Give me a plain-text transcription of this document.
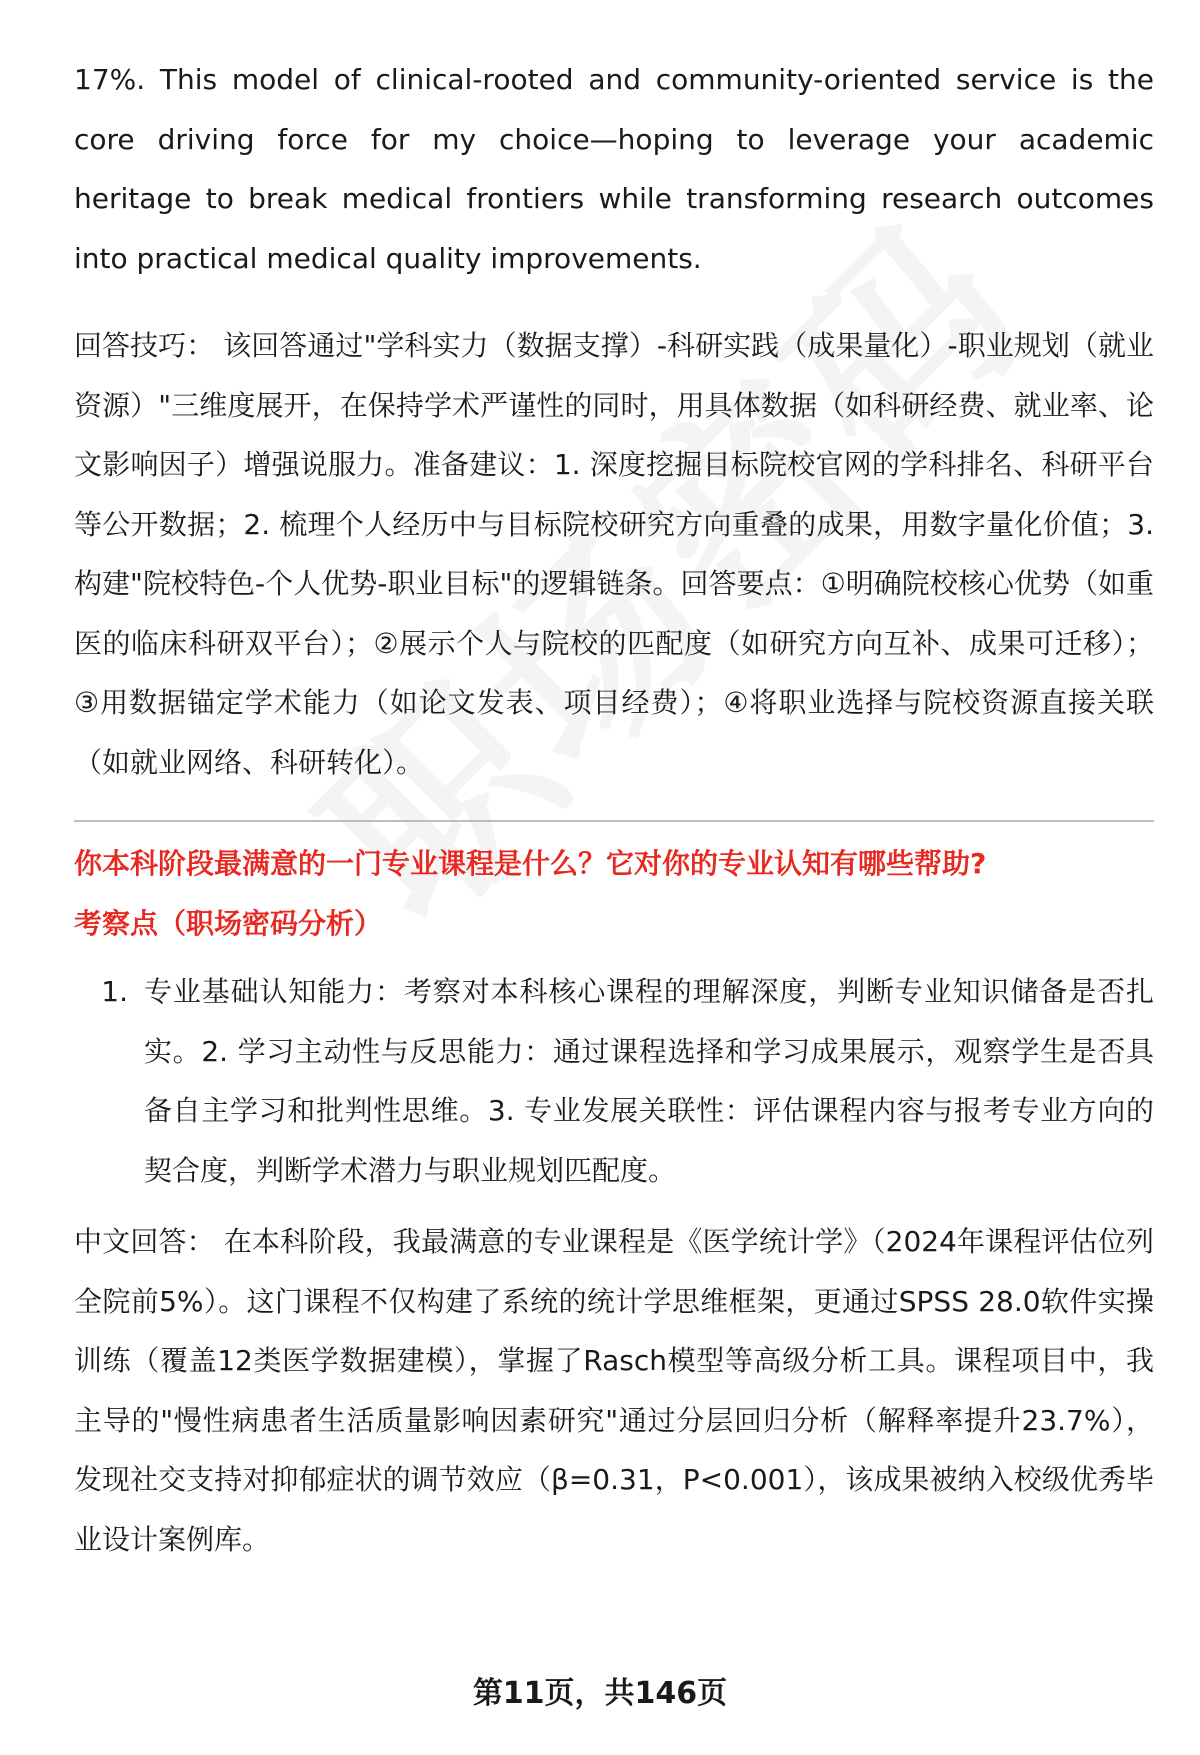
17%. This model of clinical-rooted and community-oriented service is the core driving force for my choice—hoping to leverage your academic heritage to break medical frontiers while transforming research outcomes into practical medical quality improvements.

回答技巧： 该回答通过"学科实力（数据支撑）-科研实践（成果量化）-职业规划（就业资源）"三维度展开，在保持学术严谨性的同时，用具体数据（如科研经费、就业率、论文影响因子）增强说服力。准备建议：1. 深度挖掘目标院校官网的学科排名、科研平台等公开数据；2. 梳理个人经历中与目标院校研究方向重叠的成果，用数字量化价值；3. 构建"院校特色-个人优势-职业目标"的逻辑链条。回答要点：①明确院校核心优势（如重医的临床科研双平台）；②展示个人与院校的匹配度（如研究方向互补、成果可迁移）；③用数据锚定学术能力（如论文发表、项目经费）；④将职业选择与院校资源直接关联（如就业网络、科研转化）。

你本科阶段最满意的一门专业课程是什么？它对你的专业认知有哪些帮助?

考察点（职场密码分析）

1. 专业基础认知能力：考察对本科核心课程的理解深度，判断专业知识储备是否扎实。2. 学习主动性与反思能力：通过课程选择和学习成果展示，观察学生是否具备自主学习和批判性思维。3. 专业发展关联性：评估课程内容与报考专业方向的契合度，判断学术潜力与职业规划匹配度。

中文回答： 在本科阶段，我最满意的专业课程是《医学统计学》（2024年课程评估位列全院前5%）。这门课程不仅构建了系统的统计学思维框架，更通过SPSS 28.0软件实操训练（覆盖12类医学数据建模），掌握了Rasch模型等高级分析工具。课程项目中，我主导的"慢性病患者生活质量影响因素研究"通过分层回归分析（解释率提升23.7%），发现社交支持对抑郁症状的调节效应（β=0.31，P<0.001），该成果被纳入校级优秀毕业设计案例库。

第11页，共146页
